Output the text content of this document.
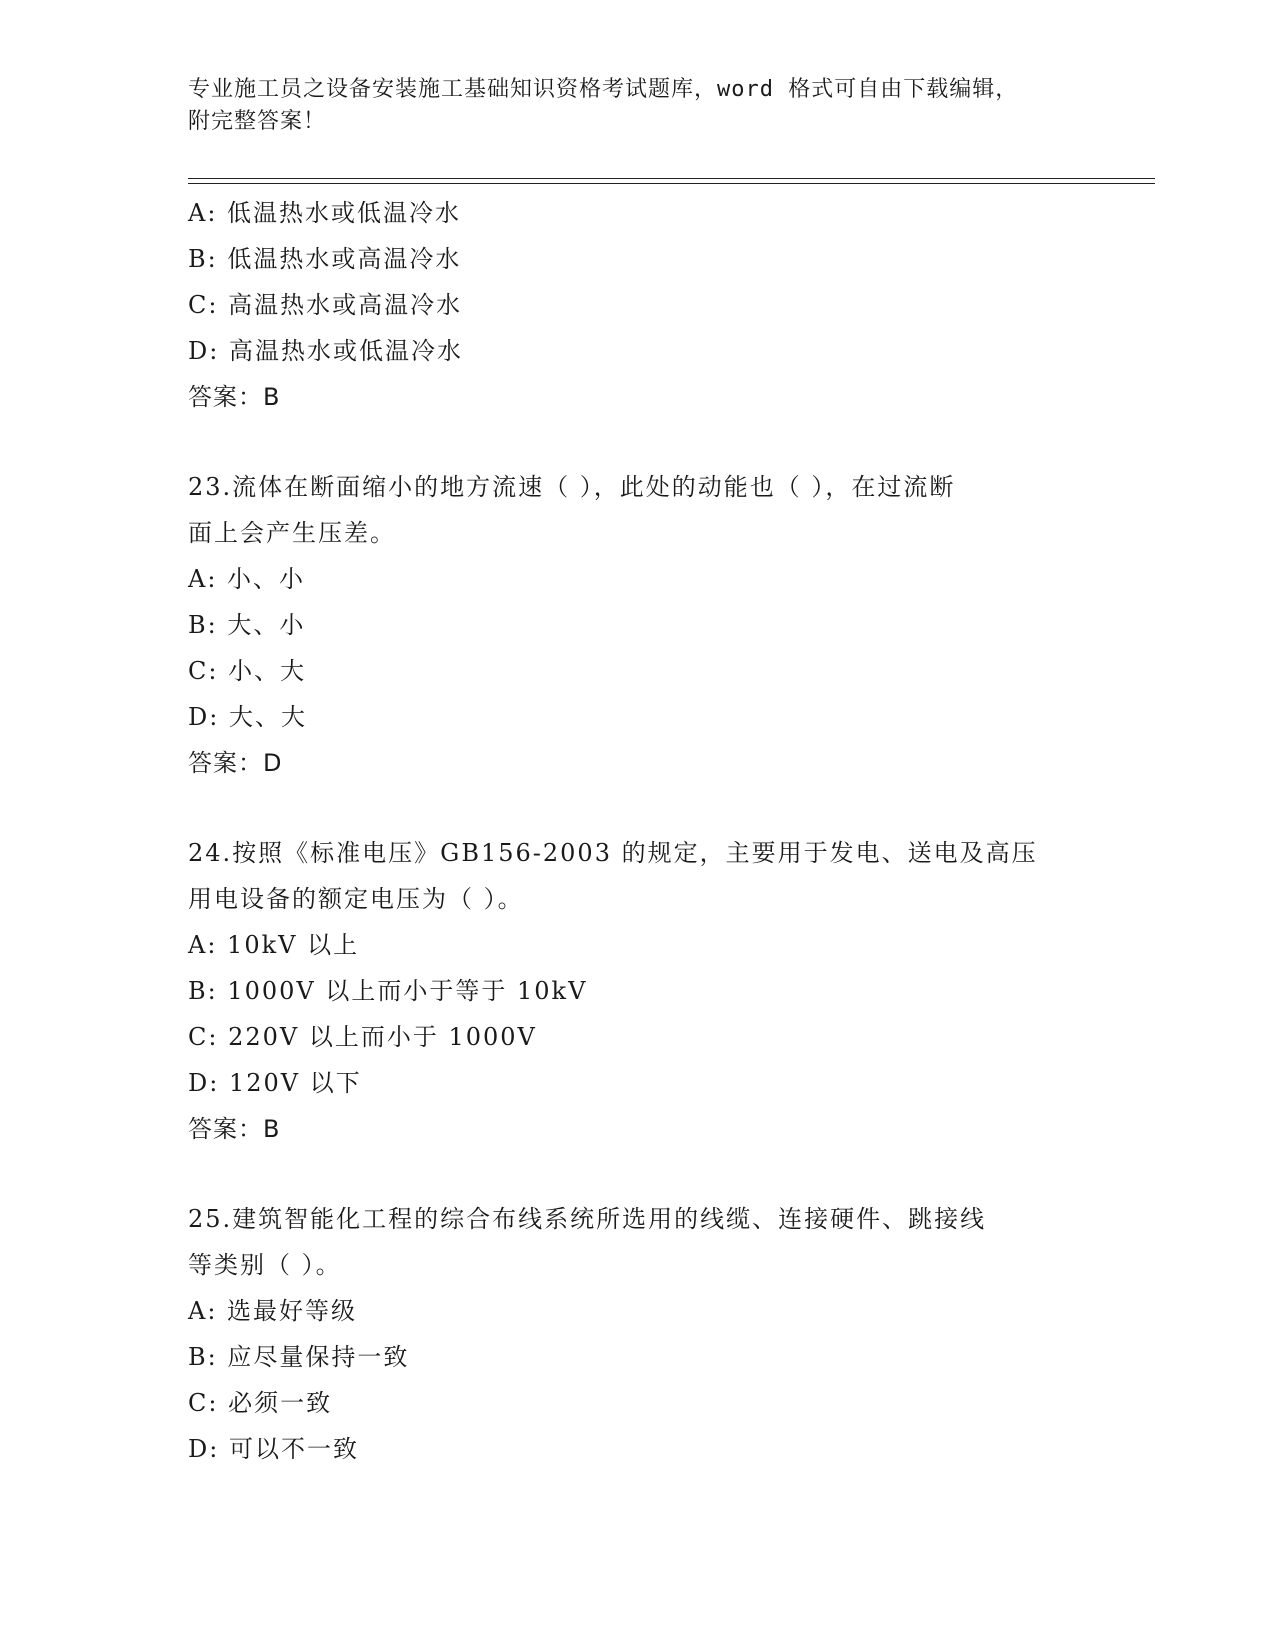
专业施工员之设备安装施工基础知识资格考试题库，word 格式可自由下载编辑，
附完整答案！
A: 低温热水或低温冷水
B: 低温热水或高温冷水
C: 高温热水或高温冷水
D: 高温热水或低温冷水
答案：B
23.流体在断面缩小的地方流速（ ），此处的动能也（ ），在过流断
面上会产生压差。
A: 小、小
B: 大、小
C: 小、大
D: 大、大
答案：D
24.按照《标准电压》GB156-2003 的规定，主要用于发电、送电及高压
用电设备的额定电压为（ ）。
A: 10kV 以上
B: 1000V 以上而小于等于 10kV
C: 220V 以上而小于 1000V
D: 120V 以下
答案：B
25.建筑智能化工程的综合布线系统所选用的线缆、连接硬件、跳接线
等类别（ ）。
A: 选最好等级
B: 应尽量保持一致
C: 必须一致
D: 可以不一致
